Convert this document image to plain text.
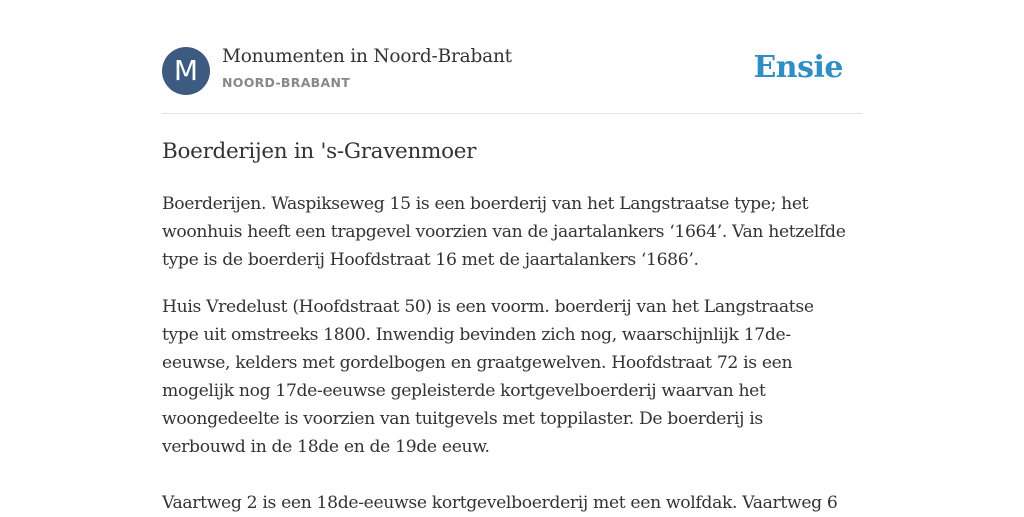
M	Monumenten in Noord-Brabant
NOORD-BRABANT	Ensie
Boerderijen in 's-Gravenmoer

Boerderijen. Waspikseweg 15 is een boerderij van het Langstraatse type; het
woonhuis heeft een trapgevel voorzien van de jaartalankers ‘1664’. Van hetzelfde
type is de boerderij Hoofdstraat 16 met de jaartalankers ‘1686’.

Huis Vredelust (Hoofdstraat 50) is een voorm. boerderij van het Langstraatse
type uit omstreeks 1800. Inwendig bevinden zich nog, waarschijnlijk 17de-
eeuwse, kelders met gordelbogen en graatgewelven. Hoofdstraat 72 is een
mogelijk nog 17de-eeuwse gepleisterde kortgevelboerderij waarvan het
woongedeelte is voorzien van tuitgevels met toppilaster. De boerderij is
verbouwd in de 18de en de 19de eeuw.

Vaartweg 2 is een 18de-eeuwse kortgevelboerderij met een wolfdak. Vaartweg 6
